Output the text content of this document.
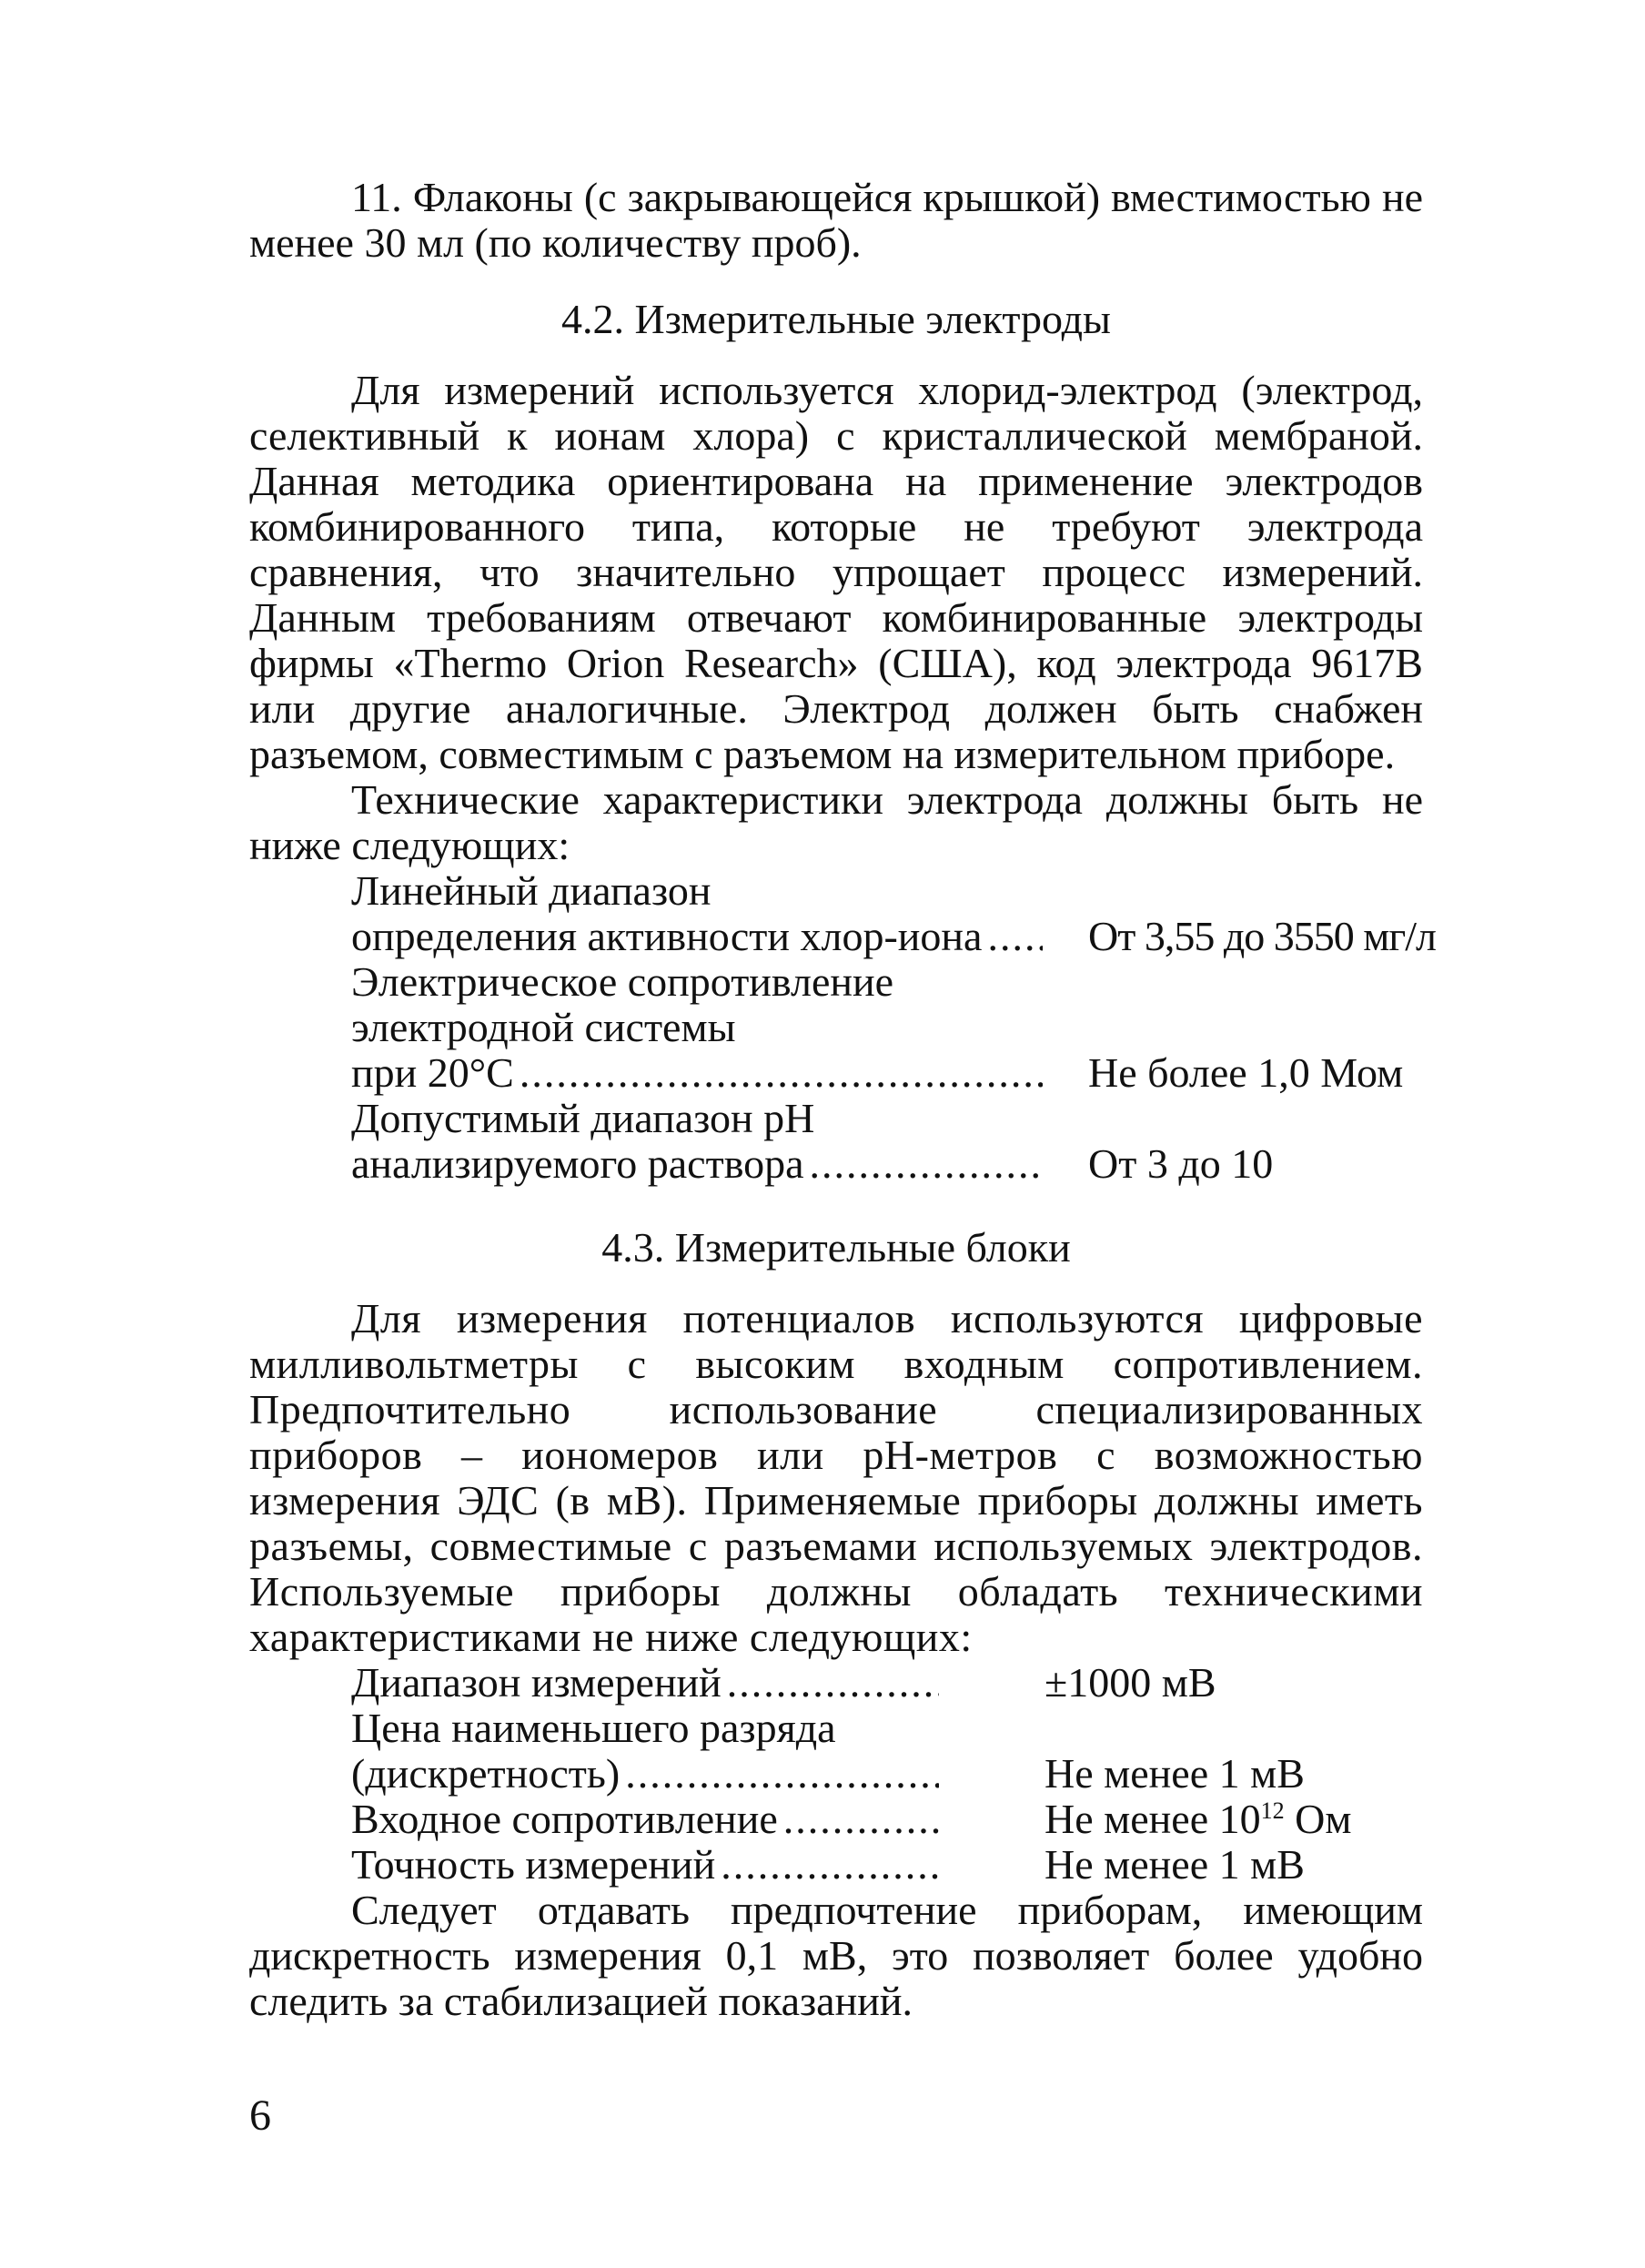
11. Флаконы (с закрывающейся крышкой) вместимостью не менее 30 мл (по количеству проб).

4.2. Измерительные электроды

Для измерений используется хлорид-электрод (электрод, селективный к ионам хлора) с кристаллической мембраной. Данная методика ориентирована на применение электродов комбинированного типа, которые не требуют электрода сравнения, что значительно упрощает процесс измерений. Данным требованиям отвечают комбинированные электроды фирмы «Thermo Orion Research» (США), код электрода 9617B или другие аналогичные. Электрод должен быть снабжен разъемом, совместимым с разъемом на измерительном приборе.

Технические характеристики электрода должны быть не ниже следующих:

Линейный диапазон
определения активности хлор-иона .....	От 3,55 до 3550 мг/л
Электрическое сопротивление
электродной системы
при 20°С .....	Не более 1,0 Мом
Допустимый диапазон pH
анализируемого раствора .....	От 3 до 10

4.3. Измерительные блоки

Для измерения потенциалов используются цифровые милливольтметры с высоким входным сопротивлением. Предпочтительно использование специализированных приборов – иономеров или pH-метров с возможностью измерения ЭДС (в мВ). Применяемые приборы должны иметь разъемы, совместимые с разъемами используемых электродов. Используемые приборы должны обладать техническими характеристиками не ниже следующих:

Диапазон измерений .....	±1000 мВ
Цена наименьшего разряда
(дискретность) .....	Не менее 1 мВ
Входное сопротивление .....	Не менее $10^{12}$ Ом
Точность измерений .....	Не менее 1 мВ

Следует отдавать предпочтение приборам, имеющим дискретность измерения 0,1 мВ, это позволяет более удобно следить за стабилизацией показаний.

6
